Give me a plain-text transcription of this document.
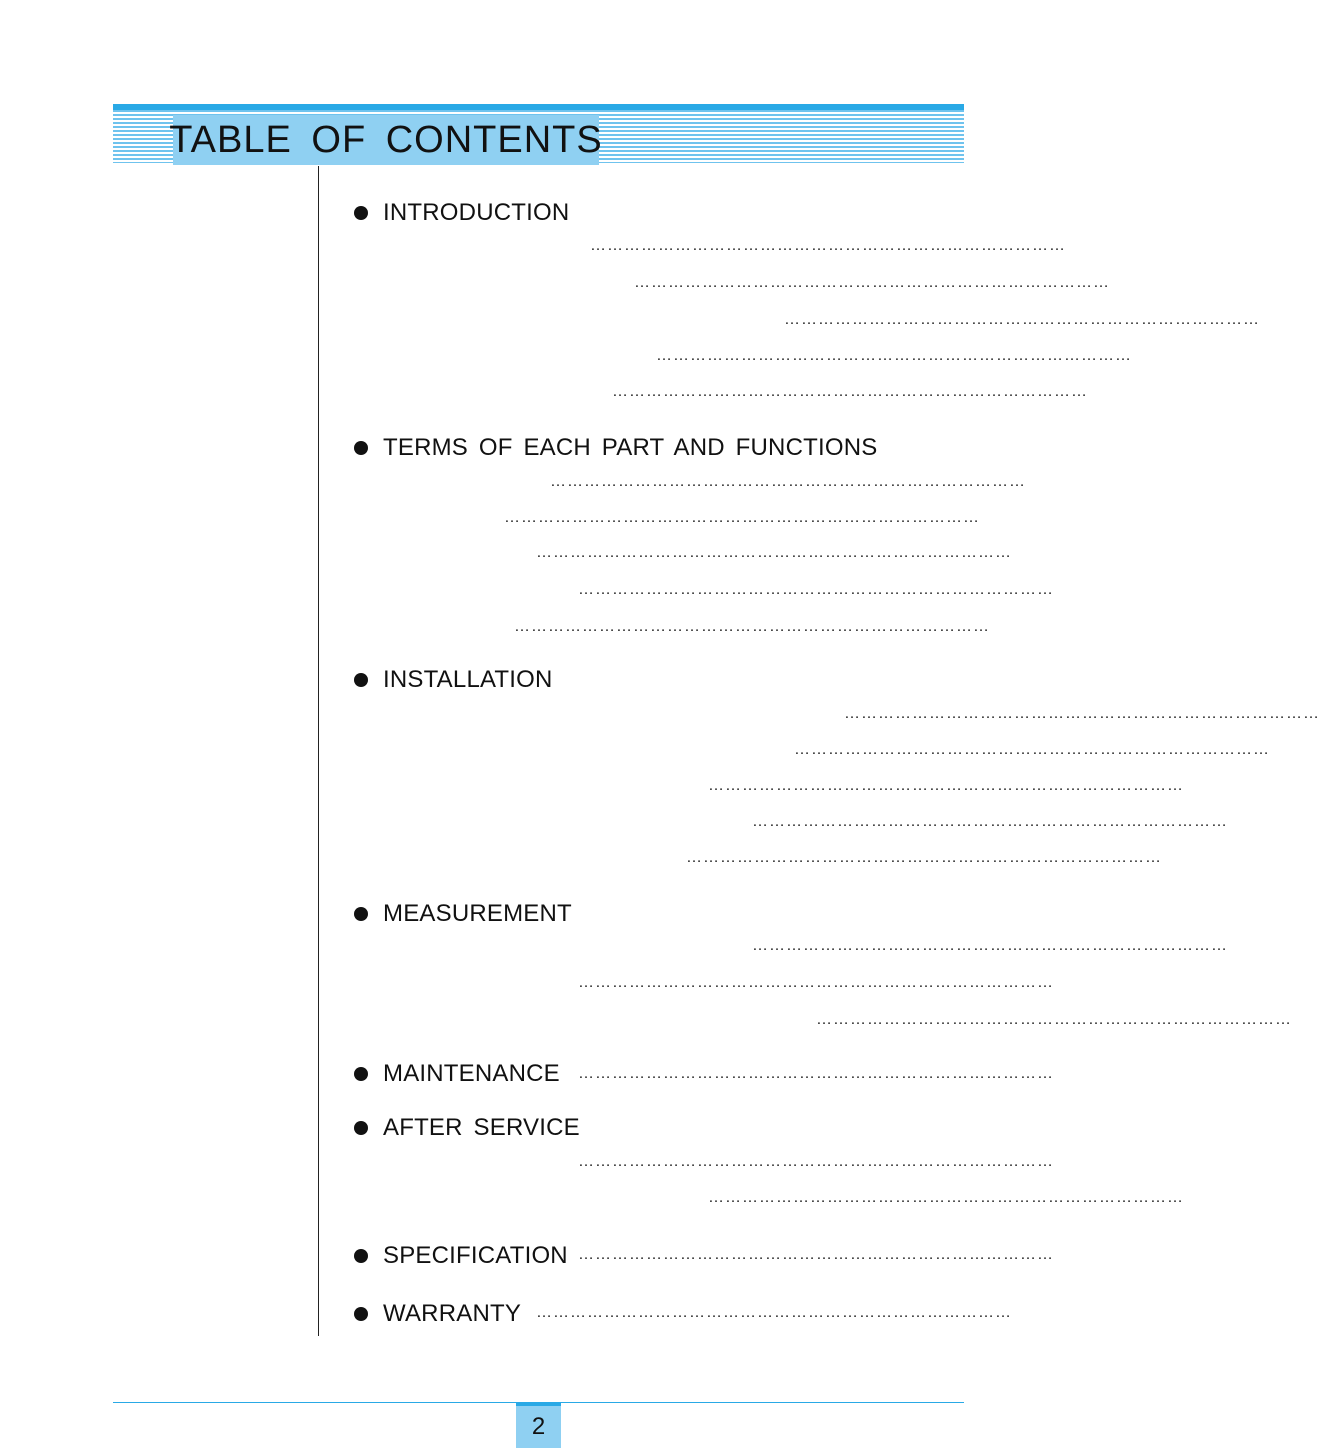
TABLE OF CONTENTS
INTRODUCTION
…………………………………………………………………………
…………………………………………………………………………
…………………………………………………………………………
…………………………………………………………………………
…………………………………………………………………………
TERMS OF EACH PART AND FUNCTIONS
…………………………………………………………………………
…………………………………………………………………………
…………………………………………………………………………
…………………………………………………………………………
…………………………………………………………………………
INSTALLATION
…………………………………………………………………………
…………………………………………………………………………
…………………………………………………………………………
…………………………………………………………………………
…………………………………………………………………………
MEASUREMENT
…………………………………………………………………………
…………………………………………………………………………
…………………………………………………………………………
MAINTENANCE …………………………………………………………………………
AFTER SERVICE
…………………………………………………………………………
…………………………………………………………………………
SPECIFICATION …………………………………………………………………………
WARRANTY …………………………………………………………………………
2
